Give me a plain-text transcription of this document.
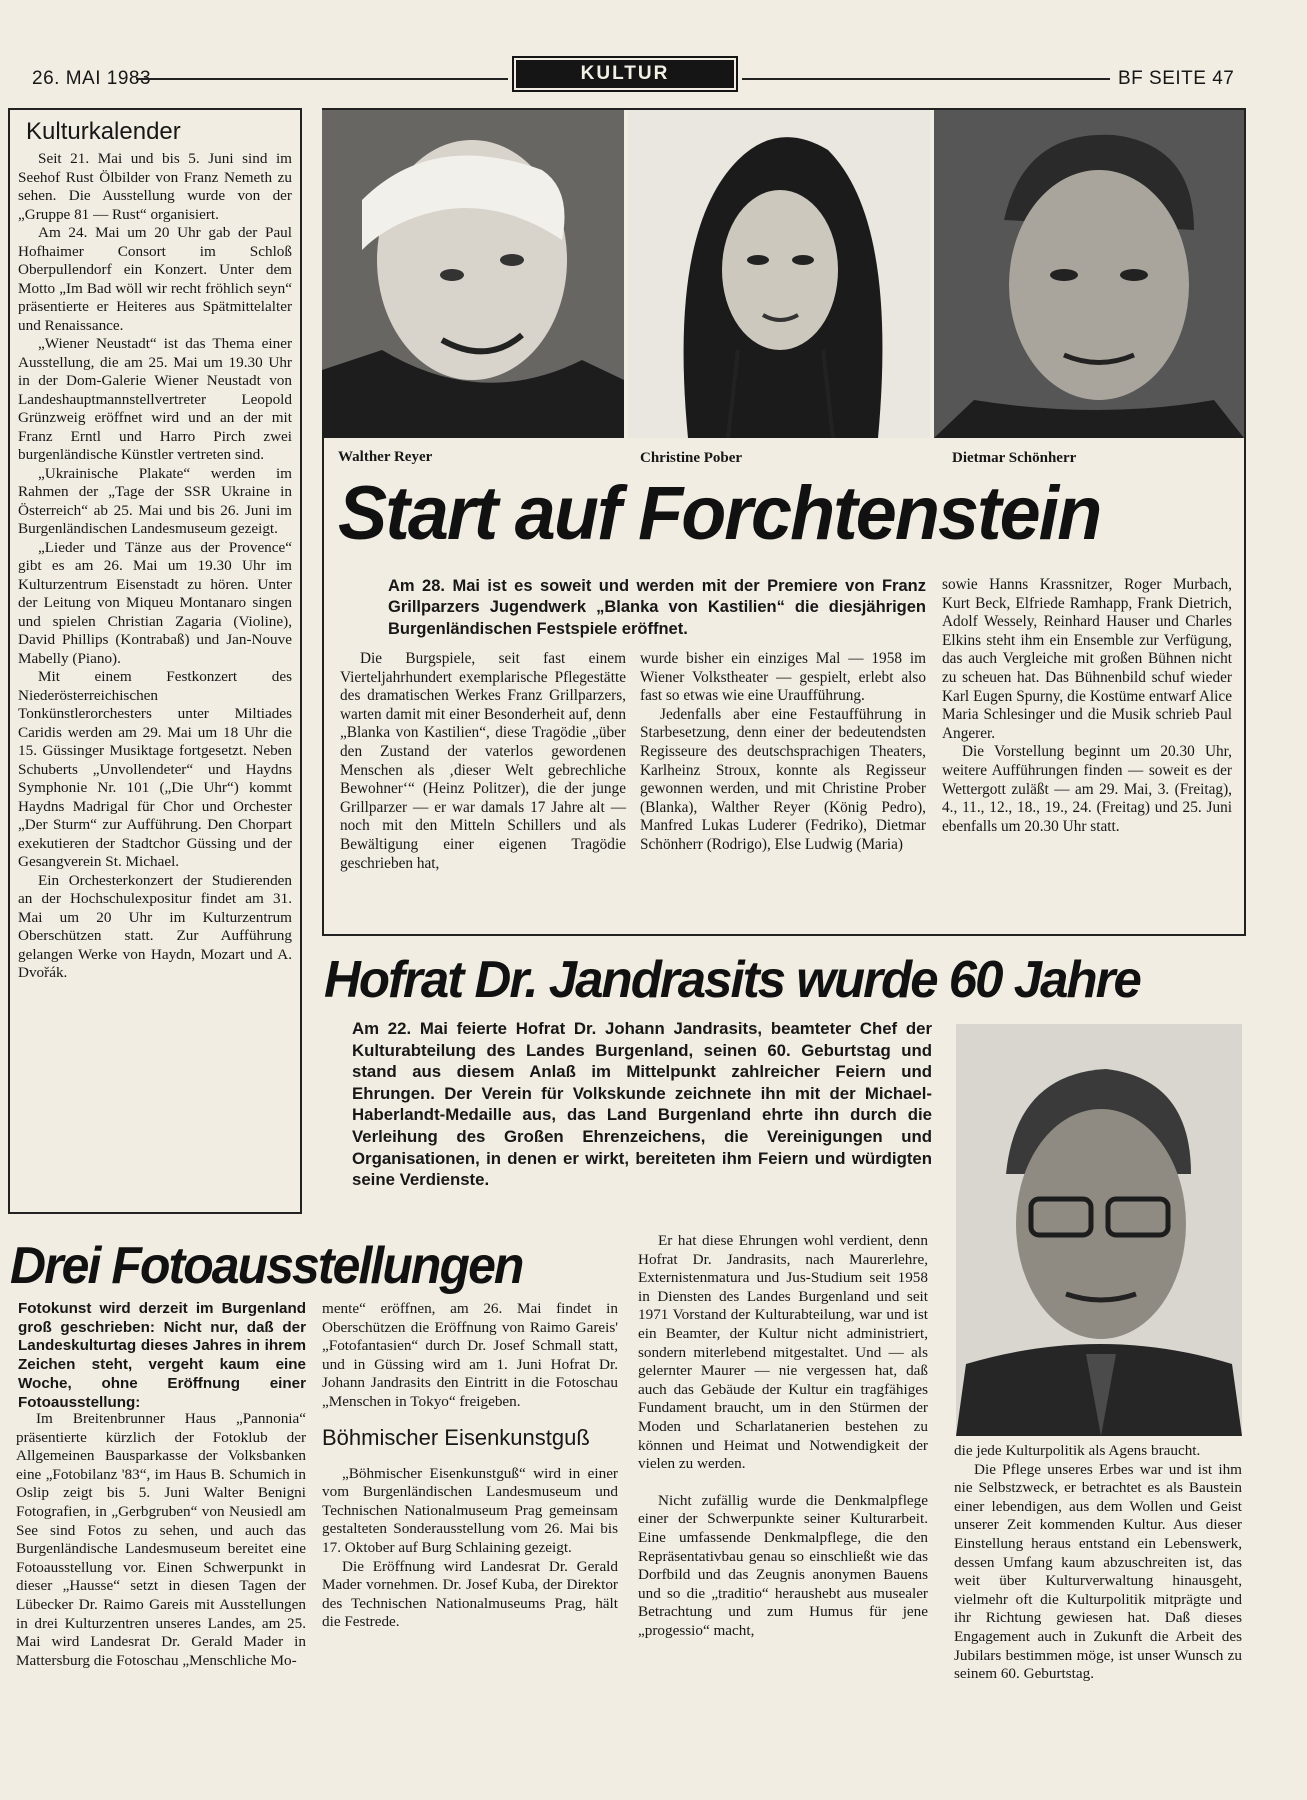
26. MAI 1983	KULTUR	BF SEITE 47
Kulturkalender

Seit 21. Mai und bis 5. Juni sind im Seehof Rust Ölbilder von Franz Nemeth zu sehen. Die Ausstellung wurde von der „Gruppe 81 — Rust“ organisiert.

Am 24. Mai um 20 Uhr gab der Paul Hofhaimer Consort im Schloß Oberpullendorf ein Konzert. Unter dem Motto „Im Bad wöll wir recht fröhlich seyn“ präsentierte er Heiteres aus Spätmittelalter und Renaissance.

„Wiener Neustadt“ ist das Thema einer Ausstellung, die am 25. Mai um 19.30 Uhr in der Dom-Galerie Wiener Neustadt von Landeshauptmannstellvertreter Leopold Grünzweig eröffnet wird und an der mit Franz Erntl und Harro Pirch zwei burgenländische Künstler vertreten sind.

„Ukrainische Plakate“ werden im Rahmen der „Tage der SSR Ukraine in Österreich“ ab 25. Mai und bis 26. Juni im Burgenländischen Landesmuseum gezeigt.

„Lieder und Tänze aus der Provence“ gibt es am 26. Mai um 19.30 Uhr im Kulturzentrum Eisenstadt zu hören. Unter der Leitung von Miqueu Montanaro singen und spielen Christian Zagaria (Violine), David Phillips (Kontrabaß) und Jan-Nouve Mabelly (Piano).

Mit einem Festkonzert des Niederösterreichischen Tonkünstlerorchesters unter Miltiades Caridis werden am 29. Mai um 18 Uhr die 15. Güssinger Musiktage fortgesetzt. Neben Schuberts „Unvollendeter“ und Haydns Symphonie Nr. 101 („Die Uhr“) kommt Haydns Madrigal für Chor und Orchester „Der Sturm“ zur Aufführung. Den Chorpart exekutieren der Stadtchor Güssing und der Gesangverein St. Michael.

Ein Orchesterkonzert der Studierenden an der Hochschulexpositur findet am 31. Mai um 20 Uhr im Kulturzentrum Oberschützen statt. Zur Aufführung gelangen Werke von Haydn, Mozart und A. Dvořák.

Walther Reyer	Christine Pober	Dietmar Schönherr
Start auf Forchtenstein
Am 28. Mai ist es soweit und werden mit der Premiere von Franz Grillparzers Jugendwerk „Blanka von Kastilien“ die diesjährigen Burgenländischen Festspiele eröffnet.

Die Burgspiele, seit fast einem Vierteljahrhundert exemplarische Pflegestätte des dramatischen Werkes Franz Grillparzers, warten damit mit einer Besonderheit auf, denn „Blanka von Kastilien“, diese Tragödie „über den Zustand der vaterlos gewordenen Menschen als ‚dieser Welt gebrechliche Bewohner‘“ (Heinz Politzer), die der junge Grillparzer — er war damals 17 Jahre alt — noch mit den Mitteln Schillers und als Bewältigung einer eigenen Tragödie geschrieben hat,

wurde bisher ein einziges Mal — 1958 im Wiener Volkstheater — gespielt, erlebt also fast so etwas wie eine Uraufführung.

Jedenfalls aber eine Festaufführung in Starbesetzung, denn einer der bedeutendsten Regisseure des deutschsprachigen Theaters, Karlheinz Stroux, konnte als Regisseur gewonnen werden, und mit Christine Prober (Blanka), Walther Reyer (König Pedro), Manfred Lukas Luderer (Fedriko), Dietmar Schönherr (Rodrigo), Else Ludwig (Maria)

sowie Hanns Krassnitzer, Roger Murbach, Kurt Beck, Elfriede Ramhapp, Frank Dietrich, Adolf Wessely, Reinhard Hauser und Charles Elkins steht ihm ein Ensemble zur Verfügung, das auch Vergleiche mit großen Bühnen nicht zu scheuen hat. Das Bühnenbild schuf wieder Karl Eugen Spurny, die Kostüme entwarf Alice Maria Schlesinger und die Musik schrieb Paul Angerer.

Die Vorstellung beginnt um 20.30 Uhr, weitere Aufführungen finden — soweit es der Wettergott zuläßt — am 29. Mai, 3. (Freitag), 4., 11., 12., 18., 19., 24. (Freitag) und 25. Juni ebenfalls um 20.30 Uhr statt.

Hofrat Dr. Jandrasits wurde 60 Jahre
Am 22. Mai feierte Hofrat Dr. Johann Jandrasits, beamteter Chef der Kulturabteilung des Landes Burgenland, seinen 60. Geburtstag und stand aus diesem Anlaß im Mittelpunkt zahlreicher Feiern und Ehrungen. Der Verein für Volkskunde zeichnete ihn mit der Michael-Haberlandt-Medaille aus, das Land Burgenland ehrte ihn durch die Verleihung des Großen Ehrenzeichens, die Vereinigungen und Organisationen, in denen er wirkt, bereiteten ihm Feiern und würdigten seine Verdienste.

Er hat diese Ehrungen wohl verdient, denn Hofrat Dr. Jandrasits, nach Maurerlehre, Externistenmatura und Jus-Studium seit 1958 in Diensten des Landes Burgenland und seit 1971 Vorstand der Kulturabteilung, war und ist ein Beamter, der Kultur nicht administriert, sondern miterlebend mitgestaltet. Und — als gelernter Maurer — nie vergessen hat, daß auch das Gebäude der Kultur ein tragfähiges Fundament braucht, um in den Stürmen der Moden und Scharlatanerien bestehen zu können und Heimat und Notwendigkeit der vielen zu werden.

Nicht zufällig wurde die Denkmalpflege einer der Schwerpunkte seiner Kulturarbeit. Eine umfassende Denkmalpflege, die den Repräsentativbau genau so einschließt wie das Dorfbild und das Zeugnis anonymen Bauens und so die „traditio“ heraushebt aus musealer Betrachtung und zum Humus für jene „progessio“ macht,

die jede Kulturpolitik als Agens braucht.

Die Pflege unseres Erbes war und ist ihm nie Selbstzweck, er betrachtet es als Baustein einer lebendigen, aus dem Wollen und Geist unserer Zeit kommenden Kultur. Aus dieser Einstellung heraus entstand ein Lebenswerk, dessen Umfang kaum abzuschreiten ist, das weit über Kulturverwaltung hinausgeht, vielmehr oft die Kulturpolitik mitprägte und ihr Richtung gewiesen hat. Daß dieses Engagement auch in Zukunft die Arbeit des Jubilars bestimmen möge, ist unser Wunsch zu seinem 60. Geburtstag.

Drei Fotoausstellungen
Fotokunst wird derzeit im Burgenland groß geschrieben: Nicht nur, daß der Landeskulturtag dieses Jahres in ihrem Zeichen steht, vergeht kaum eine Woche, ohne Eröffnung einer Fotoausstellung:

Im Breitenbrunner Haus „Pannonia“ präsentierte kürzlich der Fotoklub der Allgemeinen Bausparkasse der Volksbanken eine „Fotobilanz '83“, im Haus B. Schumich in Oslip zeigt bis 5. Juni Walter Benigni Fotografien, in „Gerbgruben“ von Neusiedl am See sind Fotos zu sehen, und auch das Burgenländische Landesmuseum bereitet eine Fotoausstellung vor. Einen Schwerpunkt in dieser „Hausse“ setzt in diesen Tagen der Lübecker Dr. Raimo Gareis mit Ausstellungen in drei Kulturzentren unseres Landes, am 25. Mai wird Landesrat Dr. Gerald Mader in Mattersburg die Fotoschau „Menschliche Mo-

mente“ eröffnen, am 26. Mai findet in Oberschützen die Eröffnung von Raimo Gareis' „Fotofantasien“ durch Dr. Josef Schmall statt, und in Güssing wird am 1. Juni Hofrat Dr. Johann Jandrasits den Eintritt in die Fotoschau „Menschen in Tokyo“ freigeben.

Böhmischer Eisenkunstguß

„Böhmischer Eisenkunstguß“ wird in einer vom Burgenländischen Landesmuseum und Technischen Nationalmuseum Prag gemeinsam gestalteten Sonderausstellung vom 26. Mai bis 17. Oktober auf Burg Schlaining gezeigt.

Die Eröffnung wird Landesrat Dr. Gerald Mader vornehmen. Dr. Josef Kuba, der Direktor des Technischen Nationalmuseums Prag, hält die Festrede.
